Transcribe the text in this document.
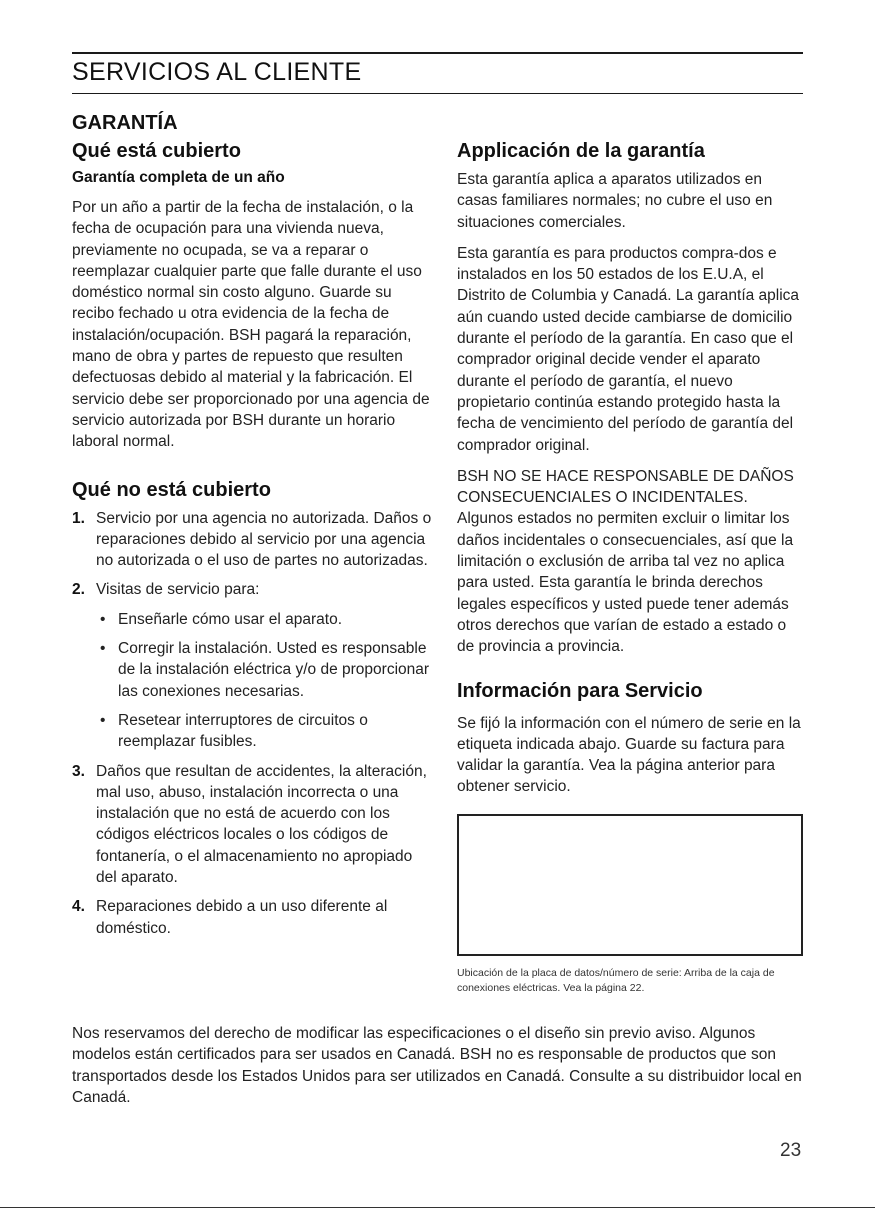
SERVICIOS AL CLIENTE
GARANTÍA
Qué está cubierto
Garantía completa de un año

Por un año a partir de la fecha de instalación, o la fecha de ocupación para una vivienda nueva, previamente no ocupada, se va a reparar o reemplazar cualquier parte que falle durante el uso doméstico normal sin costo alguno. Guarde su recibo fechado u otra evidencia de la fecha de instalación/ocupación. BSH pagará la reparación, mano de obra y partes de repuesto que resulten defectuosas debido al material y la fabricación. El servicio debe ser proporcionado por una agencia de servicio autorizada por BSH durante un horario laboral normal.

Qué no está cubierto
1. Servicio por una agencia no autorizada. Daños o reparaciones debido al servicio por una agencia no autorizada o el uso de partes no autorizadas.
2. Visitas de servicio para:
• Enseñarle cómo usar el aparato.
• Corregir la instalación. Usted es responsable de la instalación eléctrica y/o de proporcionar las conexiones necesarias.
• Resetear interruptores de circuitos o reemplazar fusibles.
3. Daños que resultan de accidentes, la alteración, mal uso, abuso, instalación incorrecta o una instalación que no está de acuerdo con los códigos eléctricos locales o los códigos de fontanería, o el almacenamiento no apropiado del aparato.
4. Reparaciones debido a un uso diferente al doméstico.
Applicación de la garantía

Esta garantía aplica a aparatos utilizados en casas familiares normales; no cubre el uso en situaciones comerciales.

Esta garantía es para productos compra-dos e instalados en los 50 estados de los E.U.A, el Distrito de Columbia y Canadá. La garantía aplica aún cuando usted decide cambiarse de domicilio durante el período de la garantía. En caso que el comprador original decide vender el aparato durante el período de garantía, el nuevo propietario continúa estando protegido hasta la fecha de vencimiento del período de garantía del comprador original.

BSH NO SE HACE RESPONSABLE DE DAÑOS CONSECUENCIALES O INCIDENTALES. Algunos estados no permiten excluir o limitar los daños incidentales o consecuenciales, así que la limitación o exclusión de arriba tal vez no aplica para usted. Esta garantía le brinda derechos legales específicos y usted puede tener además otros derechos que varían de estado a estado o de provincia a provincia.

Información para Servicio

Se fijó la información con el número de serie en la etiqueta indicada abajo. Guarde su factura para validar la garantía. Vea la página anterior para obtener servicio.

Ubicación de la placa de datos/número de serie: Arriba de la caja de conexiones eléctricas. Vea la página 22.

Nos reservamos del derecho de modificar las especificaciones o el diseño sin previo aviso. Algunos modelos están certificados para ser usados en Canadá. BSH no es responsable de productos que son transportados desde los Estados Unidos para ser utilizados en Canadá. Consulte a su distribuidor local en Canadá.

23
